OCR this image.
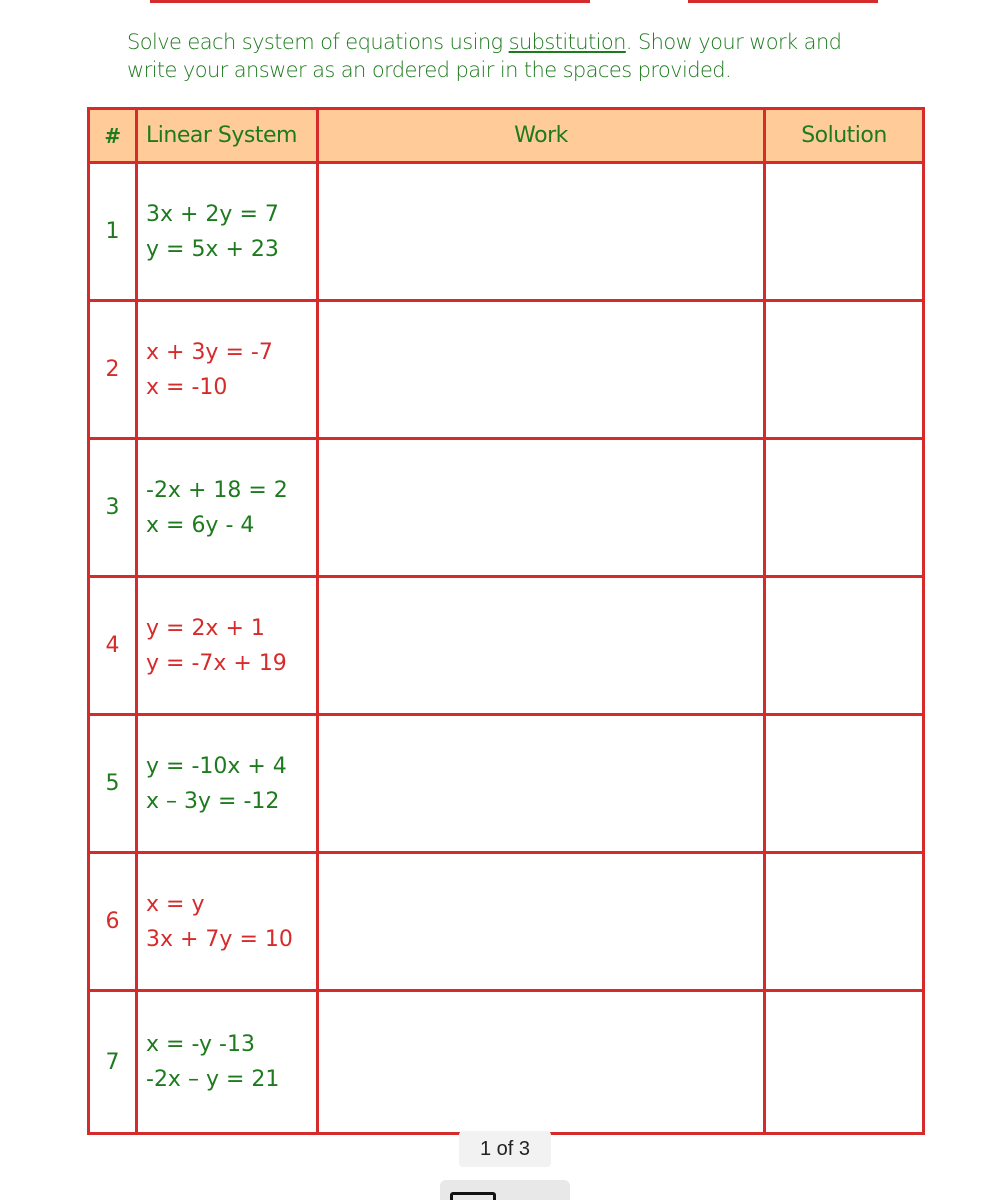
Solve each system of equations using substitution. Show your work and write your answer as an ordered pair in the spaces provided.
#	Linear System	Work	Solution
1	3x + 2y = 7
y = 5x + 23		

2	x + 3y = -7
x = -10		

3	-2x + 18 = 2
x = 6y - 4		

4	y = 2x + 1
y = -7x + 19		

5	y = -10x + 4
x – 3y = -12		

6	x = y
3x + 7y = 10		

7	x = -y -13
-2x – y = 21		

1 of 3
